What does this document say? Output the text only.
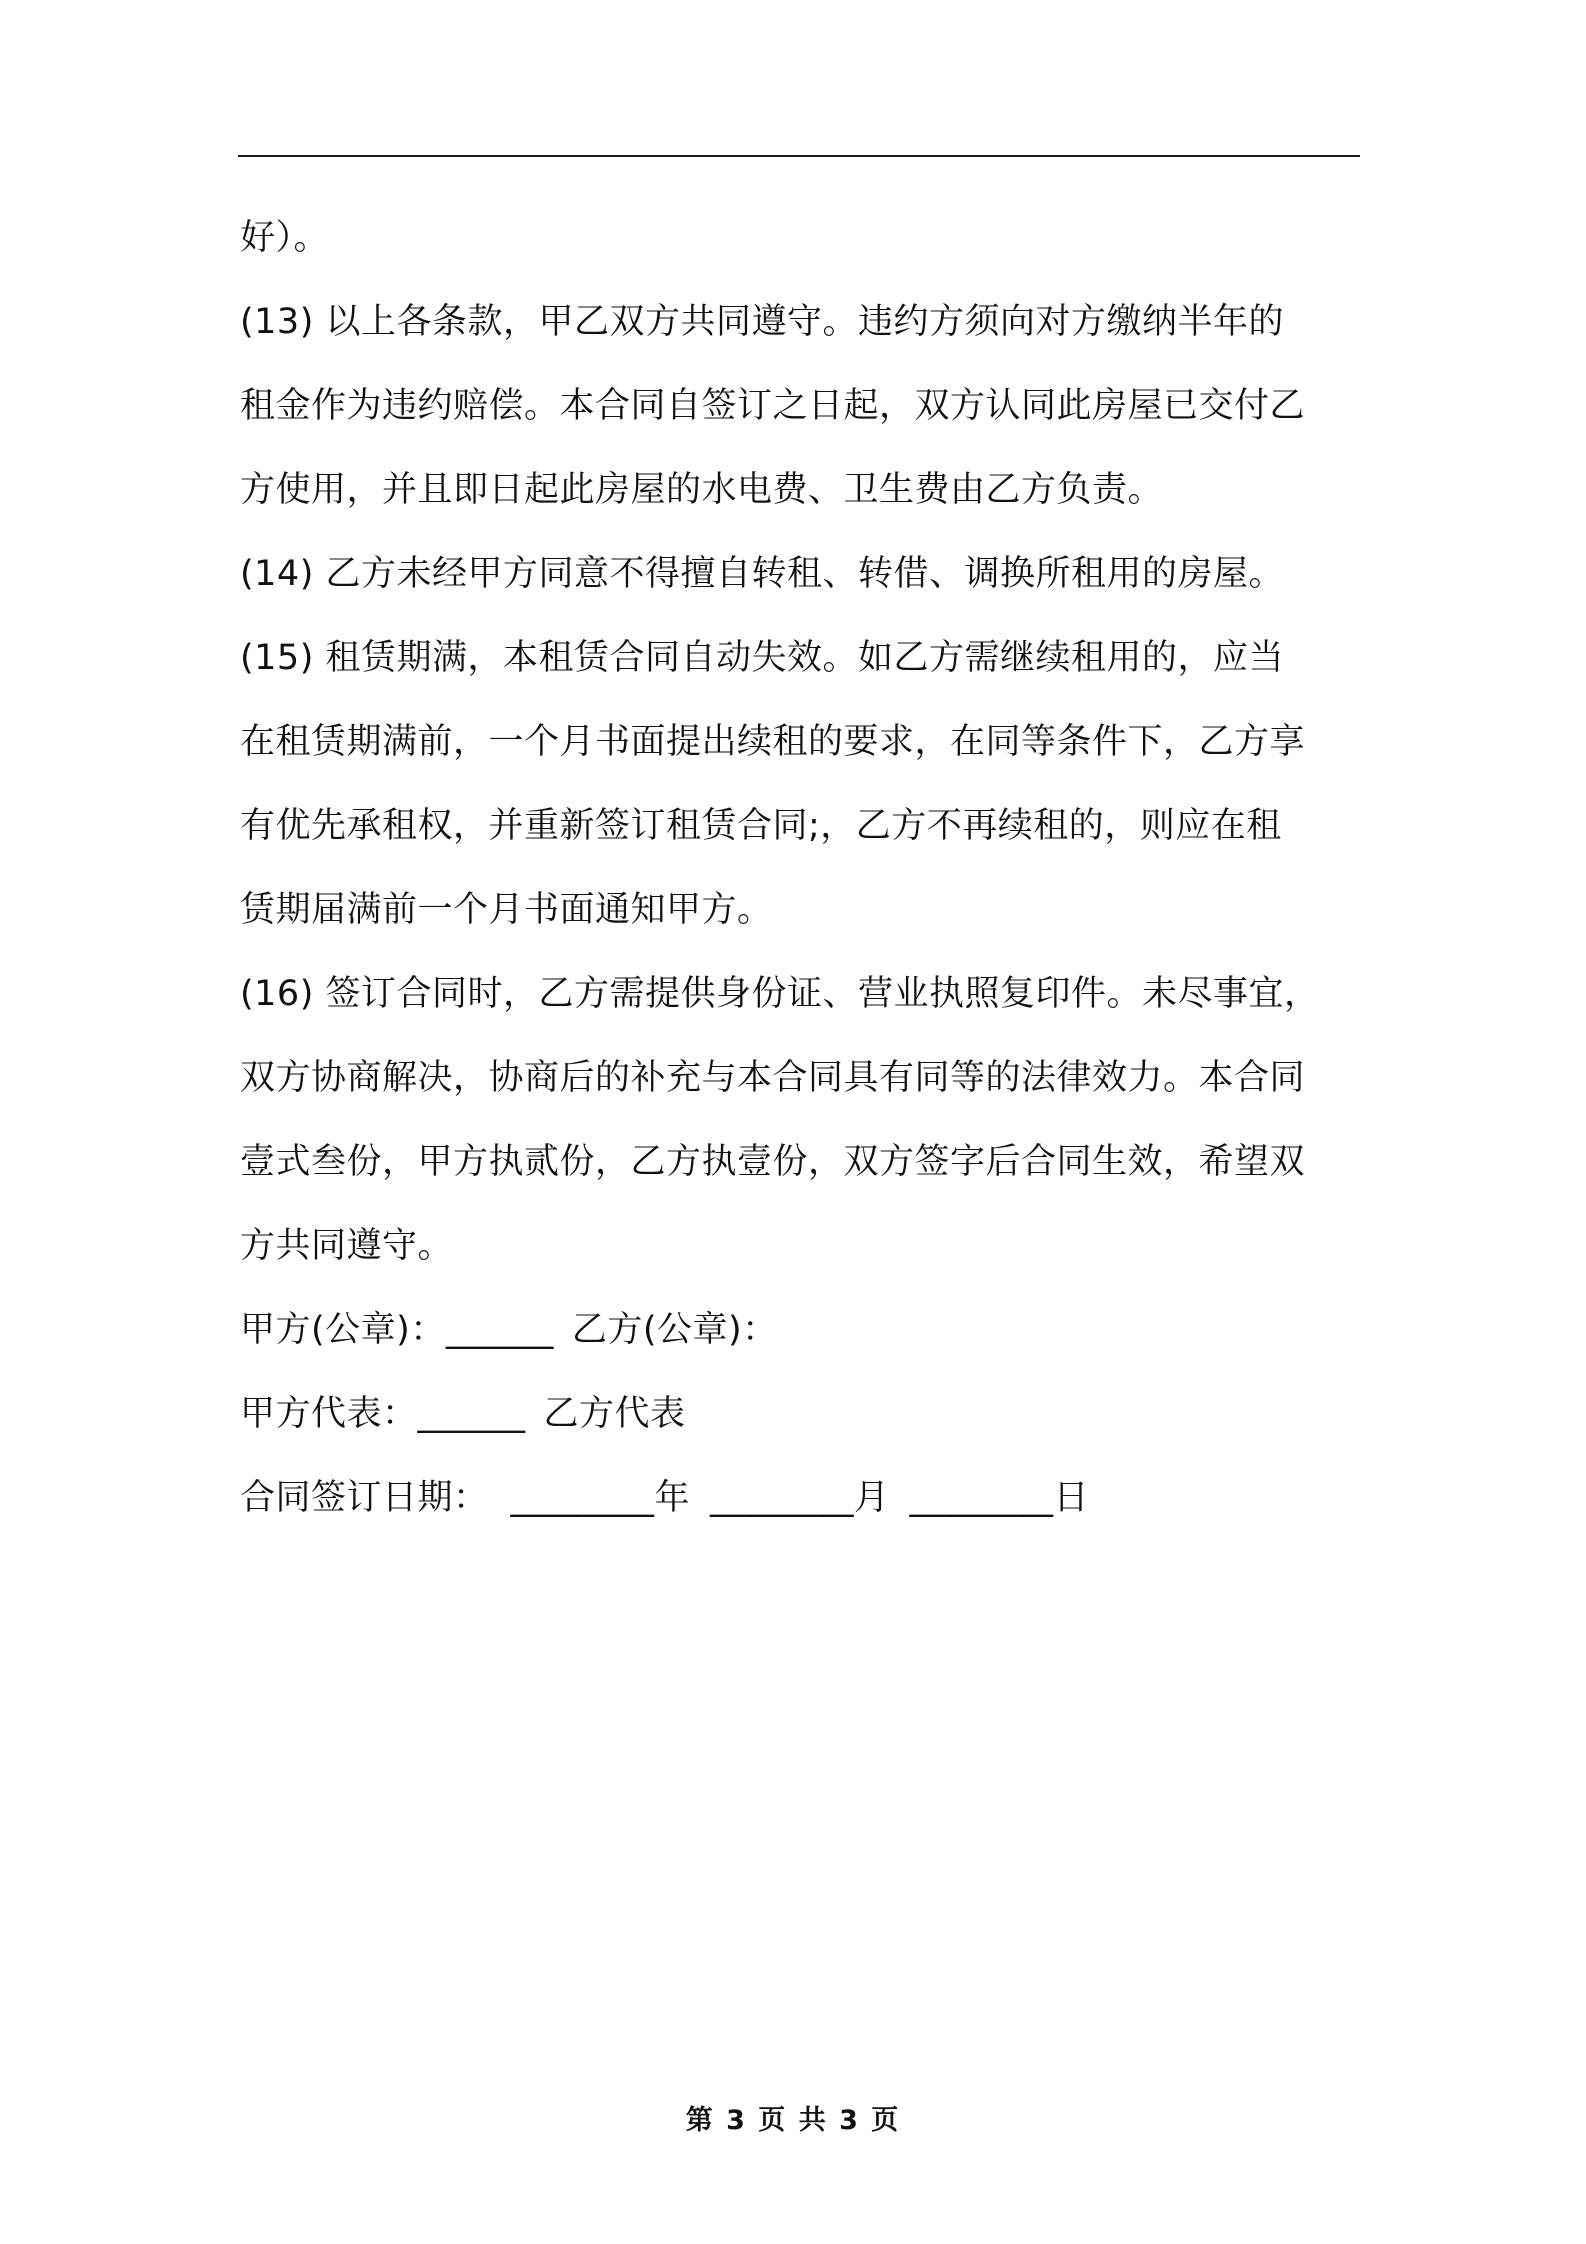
好）。
(13) 以上各条款，甲乙双方共同遵守。违约方须向对方缴纳半年的
租金作为违约赔偿。本合同自签订之日起，双方认同此房屋已交付乙
方使用，并且即日起此房屋的水电费、卫生费由乙方负责。
(14) 乙方未经甲方同意不得擅自转租、转借、调换所租用的房屋。
(15) 租赁期满，本租赁合同自动失效。如乙方需继续租用的，应当
在租赁期满前，一个月书面提出续租的要求，在同等条件下，乙方享
有优先承租权，并重新签订租赁合同;，乙方不再续租的，则应在租
赁期届满前一个月书面通知甲方。
(16) 签订合同时，乙方需提供身份证、营业执照复印件。未尽事宜，
双方协商解决，协商后的补充与本合同具有同等的法律效力。本合同
壹式叁份，甲方执贰份，乙方执壹份，双方签字后合同生效，希望双
方共同遵守。
甲方(公章)：______ 乙方(公章)：
甲方代表：______ 乙方代表
合同签订日期： ________年 ________月 ________日
第 3 页 共 3 页
